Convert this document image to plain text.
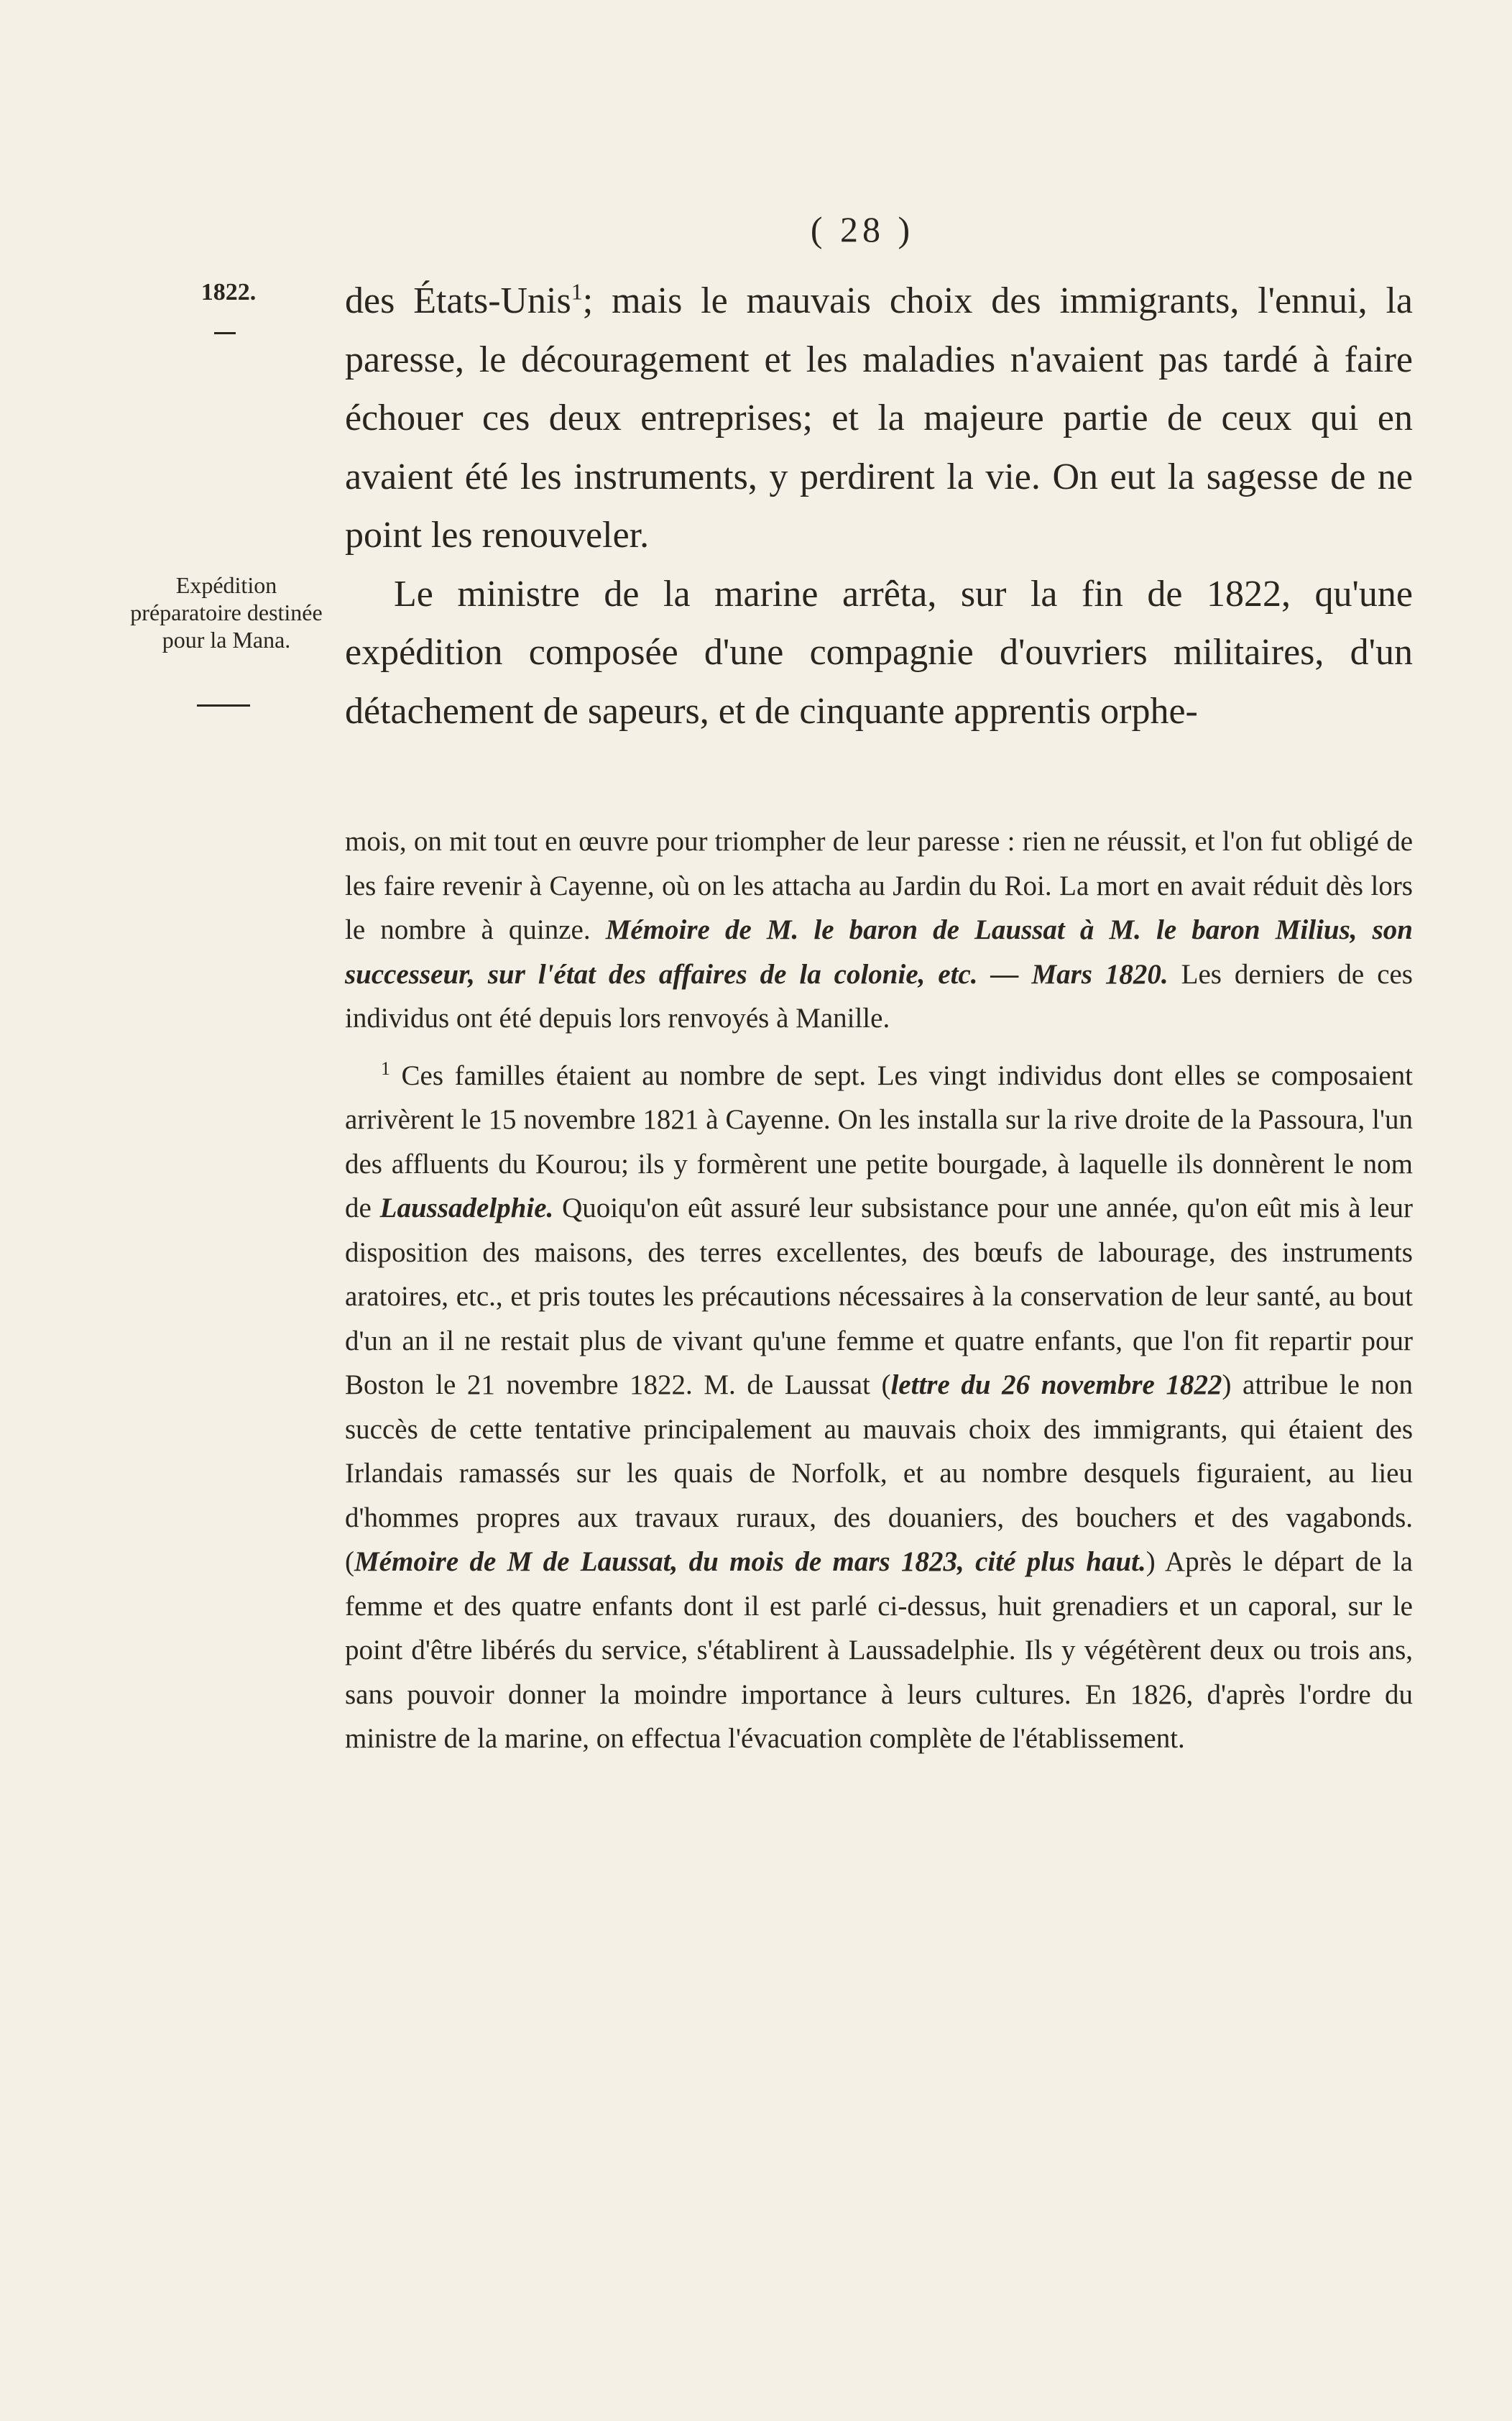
( 28 )
1822.
Expédition préparatoire destinée pour la Mana.

des États-Unis$^1$; mais le mauvais choix des immigrants, l'ennui, la paresse, le découragement et les maladies n'avaient pas tardé à faire échouer ces deux entreprises; et la majeure partie de ceux qui en avaient été les instruments, y perdirent la vie. On eut la sagesse de ne point les renouveler.

Le ministre de la marine arrêta, sur la fin de 1822, qu'une expédition composée d'une compagnie d'ouvriers militaires, d'un détachement de sapeurs, et de cinquante apprentis orphe-

mois, on mit tout en œuvre pour triompher de leur paresse : rien ne réussit, et l'on fut obligé de les faire revenir à Cayenne, où on les attacha au Jardin du Roi. La mort en avait réduit dès lors le nombre à quinze. Mémoire de M. le baron de Laussat à M. le baron Milius, son successeur, sur l'état des affaires de la colonie, etc. — Mars 1820. Les derniers de ces individus ont été depuis lors renvoyés à Manille.

$^1$ Ces familles étaient au nombre de sept. Les vingt individus dont elles se composaient arrivèrent le 15 novembre 1821 à Cayenne. On les installa sur la rive droite de la Passoura, l'un des affluents du Kourou; ils y formèrent une petite bourgade, à laquelle ils donnèrent le nom de Laussadelphie. Quoiqu'on eût assuré leur subsistance pour une année, qu'on eût mis à leur disposition des maisons, des terres excellentes, des bœufs de labourage, des instruments aratoires, etc., et pris toutes les précautions nécessaires à la conservation de leur santé, au bout d'un an il ne restait plus de vivant qu'une femme et quatre enfants, que l'on fit repartir pour Boston le 21 novembre 1822. M. de Laussat (lettre du 26 novembre 1822) attribue le non succès de cette tentative principalement au mauvais choix des immigrants, qui étaient des Irlandais ramassés sur les quais de Norfolk, et au nombre desquels figuraient, au lieu d'hommes propres aux travaux ruraux, des douaniers, des bouchers et des vagabonds. (Mémoire de M de Laussat, du mois de mars 1823, cité plus haut.) Après le départ de la femme et des quatre enfants dont il est parlé ci-dessus, huit grenadiers et un caporal, sur le point d'être libérés du service, s'établirent à Laussadelphie. Ils y végétèrent deux ou trois ans, sans pouvoir donner la moindre importance à leurs cultures. En 1826, d'après l'ordre du ministre de la marine, on effectua l'évacuation complète de l'établissement.
